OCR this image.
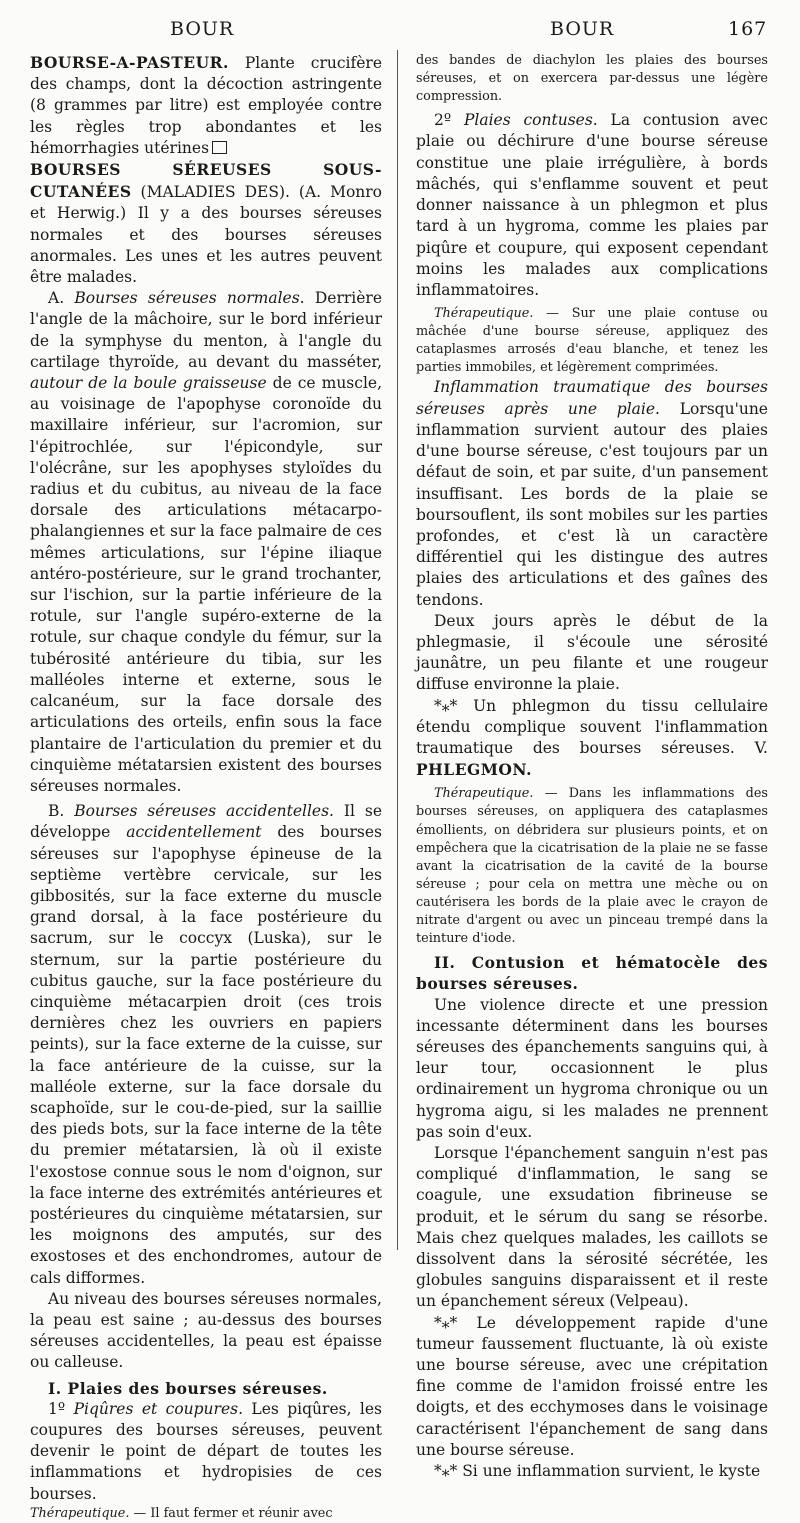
BOUR	BOUR	167

BOURSE-A-PASTEUR. Plante crucifère des champs, dont la décoction astringente (8 grammes par litre) est employée contre les règles trop abondantes et les hémorrhagies utérines

BOURSES SÉREUSES SOUS-CUTANÉES (MALADIES DES). (A. Monro et Herwig.) Il y a des bourses séreuses normales et des bourses séreuses anormales. Les unes et les autres peuvent être malades.

A. Bourses séreuses normales. Derrière l'angle de la mâchoire, sur le bord inférieur de la symphyse du menton, à l'angle du cartilage thyroïde, au devant du masséter, autour de la boule graisseuse de ce muscle, au voisinage de l'apophyse coronoïde du maxillaire inférieur, sur l'acromion, sur l'épitrochlée, sur l'épicondyle, sur l'olécrâne, sur les apophyses styloïdes du radius et du cubitus, au niveau de la face dorsale des articulations métacarpo-phalangiennes et sur la face palmaire de ces mêmes articulations, sur l'épine iliaque antéro-postérieure, sur le grand trochanter, sur l'ischion, sur la partie inférieure de la rotule, sur l'angle supéro-externe de la rotule, sur chaque condyle du fémur, sur la tubérosité antérieure du tibia, sur les malléoles interne et externe, sous le calcanéum, sur la face dorsale des articulations des orteils, enfin sous la face plantaire de l'articulation du premier et du cinquième métatarsien existent des bourses séreuses normales.

B. Bourses séreuses accidentelles. Il se développe accidentellement des bourses séreuses sur l'apophyse épineuse de la septième vertèbre cervicale, sur les gibbosités, sur la face externe du muscle grand dorsal, à la face postérieure du sacrum, sur le coccyx (Luska), sur le sternum, sur la partie postérieure du cubitus gauche, sur la face postérieure du cinquième métacarpien droit (ces trois dernières chez les ouvriers en papiers peints), sur la face externe de la cuisse, sur la face antérieure de la cuisse, sur la malléole externe, sur la face dorsale du scaphoïde, sur le cou-de-pied, sur la saillie des pieds bots, sur la face interne de la tête du premier métatarsien, là où il existe l'exostose connue sous le nom d'oignon, sur la face interne des extrémités antérieures et postérieures du cinquième métatarsien, sur les moignons des amputés, sur des exostoses et des enchondromes, autour de cals difformes.

Au niveau des bourses séreuses normales, la peau est saine ; au-dessus des bourses séreuses accidentelles, la peau est épaisse ou calleuse.

I. Plaies des bourses séreuses.

1º Piqûres et coupures. Les piqûres, les coupures des bourses séreuses, peuvent devenir le point de départ de toutes les inflammations et hydropisies de ces bourses.

Thérapeutique. — Il faut fermer et réunir avec

des bandes de diachylon les plaies des bourses séreuses, et on exercera par-dessus une légère compression.

2º Plaies contuses. La contusion avec plaie ou déchirure d'une bourse séreuse constitue une plaie irrégulière, à bords mâchés, qui s'enflamme souvent et peut donner naissance à un phlegmon et plus tard à un hygroma, comme les plaies par piqûre et coupure, qui exposent cependant moins les malades aux complications inflammatoires.

Thérapeutique. — Sur une plaie contuse ou mâchée d'une bourse séreuse, appliquez des cataplasmes arrosés d'eau blanche, et tenez les parties immobiles, et légèrement comprimées.

Inflammation traumatique des bourses séreuses après une plaie. Lorsqu'une inflammation survient autour des plaies d'une bourse séreuse, c'est toujours par un défaut de soin, et par suite, d'un pansement insuffisant. Les bords de la plaie se boursouflent, ils sont mobiles sur les parties profondes, et c'est là un caractère différentiel qui les distingue des autres plaies des articulations et des gaînes des tendons.

Deux jours après le début de la phlegmasie, il s'écoule une sérosité jaunâtre, un peu filante et une rougeur diffuse environne la plaie.

*⁎* Un phlegmon du tissu cellulaire étendu complique souvent l'inflammation traumatique des bourses séreuses. V. PHLEGMON.

Thérapeutique. — Dans les inflammations des bourses séreuses, on appliquera des cataplasmes émollients, on débridera sur plusieurs points, et on empêchera que la cicatrisation de la plaie ne se fasse avant la cicatrisation de la cavité de la bourse séreuse ; pour cela on mettra une mèche ou on cautérisera les bords de la plaie avec le crayon de nitrate d'argent ou avec un pinceau trempé dans la teinture d'iode.

II. Contusion et hématocèle des bourses séreuses.

Une violence directe et une pression incessante déterminent dans les bourses séreuses des épanchements sanguins qui, à leur tour, occasionnent le plus ordinairement un hygroma chronique ou un hygroma aigu, si les malades ne prennent pas soin d'eux.

Lorsque l'épanchement sanguin n'est pas compliqué d'inflammation, le sang se coagule, une exsudation fibrineuse se produit, et le sérum du sang se résorbe. Mais chez quelques malades, les caillots se dissolvent dans la sérosité sécrétée, les globules sanguins disparaissent et il reste un épanchement séreux (Velpeau).

*⁎* Le développement rapide d'une tumeur faussement fluctuante, là où existe une bourse séreuse, avec une crépitation fine comme de l'amidon froissé entre les doigts, et des ecchymoses dans le voisinage caractérisent l'épanchement de sang dans une bourse séreuse.

*⁎* Si une inflammation survient, le kyste
